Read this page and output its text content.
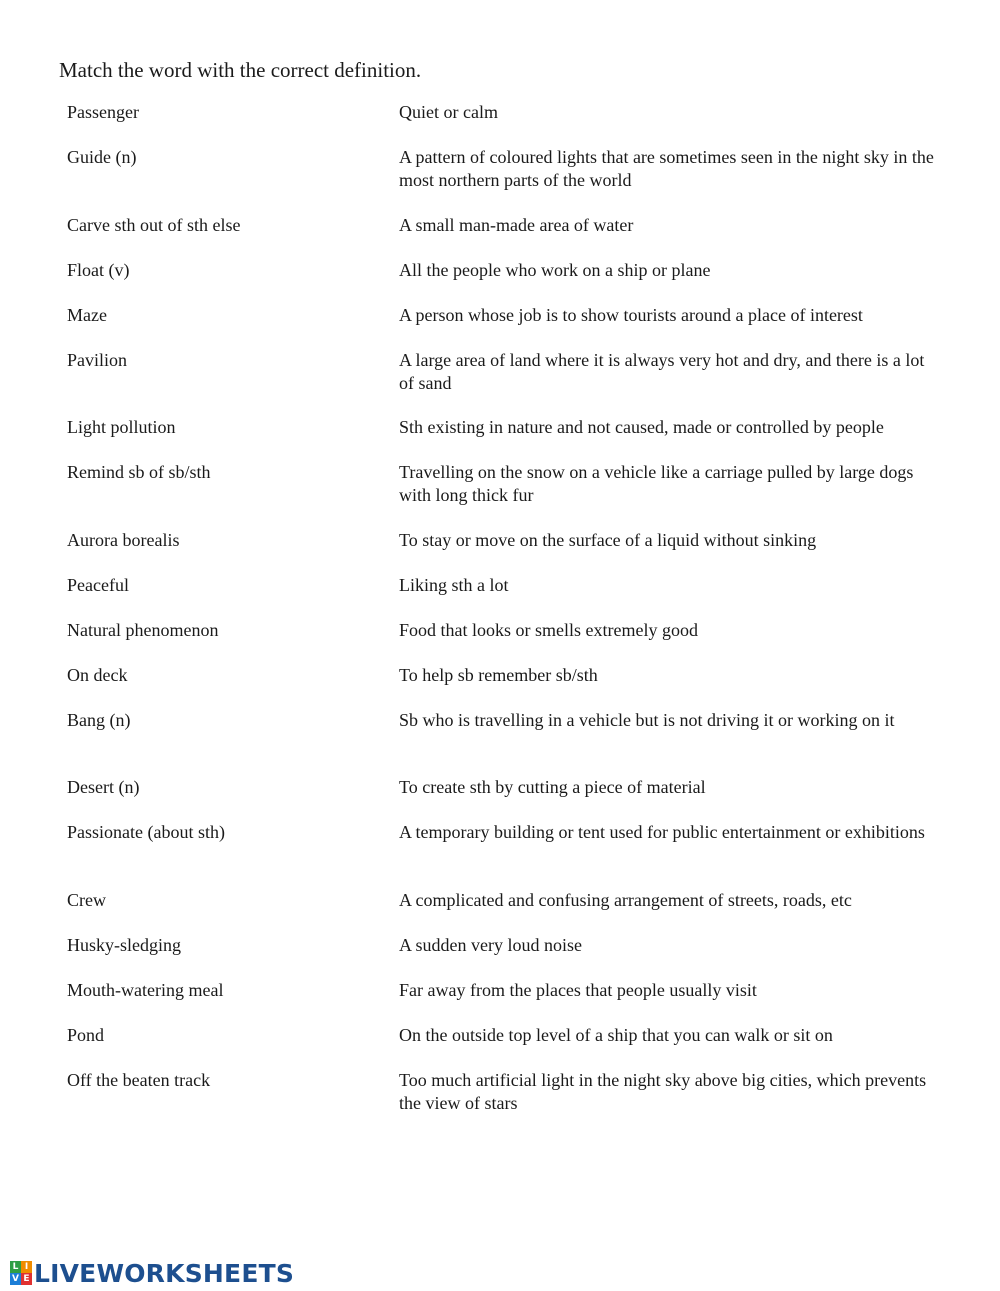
Match the word with the correct definition.
Passenger	Quiet or calm
Guide (n)	A pattern of coloured lights that are sometimes seen in the night sky in the most northern parts of the world
Carve sth out of sth else	A small man-made area of water
Float (v)	All the people who work on a ship or plane
Maze	A person whose job is to show tourists around a place of interest
Pavilion	A large area of land where it is always very hot and dry, and there is a lot of sand
Light pollution	Sth existing in nature and not caused, made or controlled by people
Remind sb of sb/sth	Travelling on the snow on a vehicle like a carriage pulled by large dogs with long thick fur
Aurora borealis	To stay or move on the surface of a liquid without sinking
Peaceful	Liking sth a lot
Natural phenomenon	Food that looks or smells extremely good
On deck	To help sb remember sb/sth
Bang (n)	Sb who is travelling in a vehicle but is not driving it or working on it
Desert (n)	To create sth by cutting a piece of material
Passionate (about sth)	A temporary building or tent used for public entertainment or exhibitions
Crew	A complicated and confusing arrangement of streets, roads, etc
Husky-sledging	A sudden very loud noise
Mouth-watering meal	Far away from the places that people usually visit
Pond	On the outside top level of a ship that you can walk or sit on
Off the beaten track	Too much artificial light in the night sky above big cities, which prevents the view of stars
L I
V E LIVEWORKSHEETS
